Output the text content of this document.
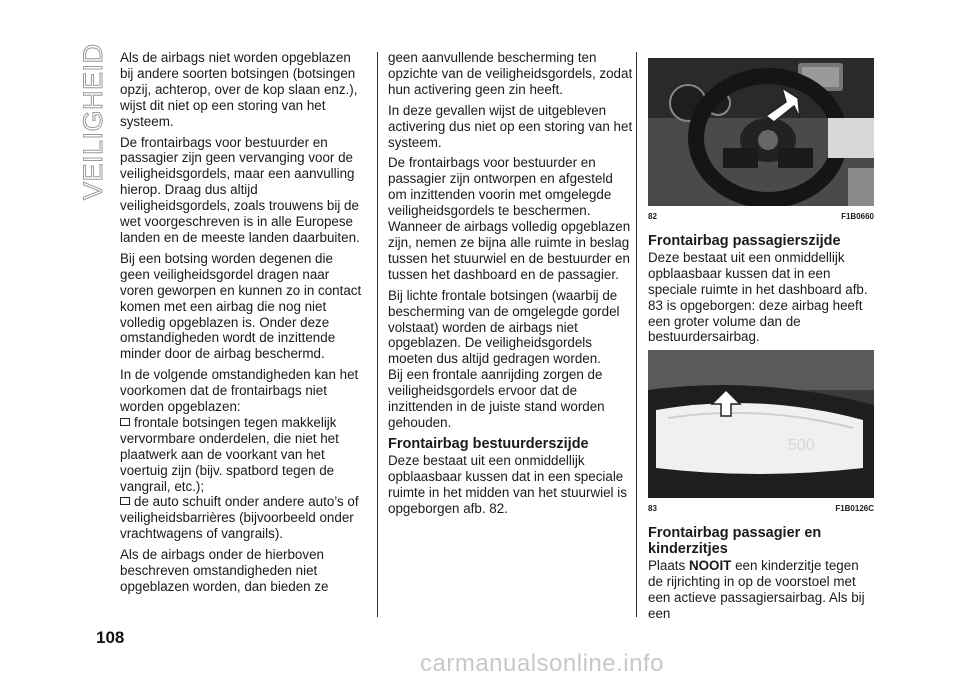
VEILIGHEID Als de airbags niet worden opgeblazen bij andere soorten botsingen (botsingen opzij, achterop, over de kop slaan enz.), wijst dit niet op een storing van het systeem.

De frontairbags voor bestuurder en passagier zijn geen vervanging voor de veiligheidsgordels, maar een aanvulling hierop. Draag dus altijd veiligheidsgordels, zoals trouwens bij de wet voorgeschreven is in alle Europese landen en de meeste landen daarbuiten.

Bij een botsing worden degenen die geen veiligheidsgordel dragen naar voren geworpen en kunnen zo in contact komen met een airbag die nog niet volledig opgeblazen is. Onder deze omstandigheden wordt de inzittende minder door de airbag beschermd.

In de volgende omstandigheden kan het voorkomen dat de frontairbags niet worden opgeblazen:

frontale botsingen tegen makkelijk vervormbare onderdelen, die niet het plaatwerk aan de voorkant van het voertuig zijn (bijv. spatbord tegen de vangrail, etc.);

de auto schuift onder andere auto’s of veiligheidsbarrières (bijvoorbeeld onder vrachtwagens of vangrails).

Als de airbags onder de hierboven beschreven omstandigheden niet opgeblazen worden, dan bieden ze

geen aanvullende bescherming ten opzichte van de veiligheidsgordels, zodat hun activering geen zin heeft.

In deze gevallen wijst de uitgebleven activering dus niet op een storing van het systeem.

De frontairbags voor bestuurder en passagier zijn ontworpen en afgesteld om inzittenden voorin met omgelegde veiligheidsgordels te beschermen. Wanneer de airbags volledig opgeblazen zijn, nemen ze bijna alle ruimte in beslag tussen het stuurwiel en de bestuurder en tussen het dashboard en de passagier.

Bij lichte frontale botsingen (waarbij de bescherming van de omgelegde gordel volstaat) worden de airbags niet opgeblazen. De veiligheidsgordels moeten dus altijd gedragen worden.

Bij een frontale aanrijding zorgen de veiligheidsgordels ervoor dat de inzittenden in de juiste stand worden gehouden.

Frontairbag bestuurderszijde

Deze bestaat uit een onmiddellijk opblaasbaar kussen dat in een speciale ruimte in het midden van het stuurwiel is opgeborgen afb. 82.

82	F1B0660
Frontairbag passagierszijde

Deze bestaat uit een onmiddellijk opblaasbaar kussen dat in een speciale ruimte in het dashboard afb. 83 is opgeborgen: deze airbag heeft een groter volume dan de bestuurdersairbag.

500
83	F1B0126C
Frontairbag passagier en kinderzitjes

Plaats NOOIT een kinderzitje tegen de rijrichting in op de voorstoel met een actieve passagiersairbag. Als bij een

108
carmanualsonline.info
